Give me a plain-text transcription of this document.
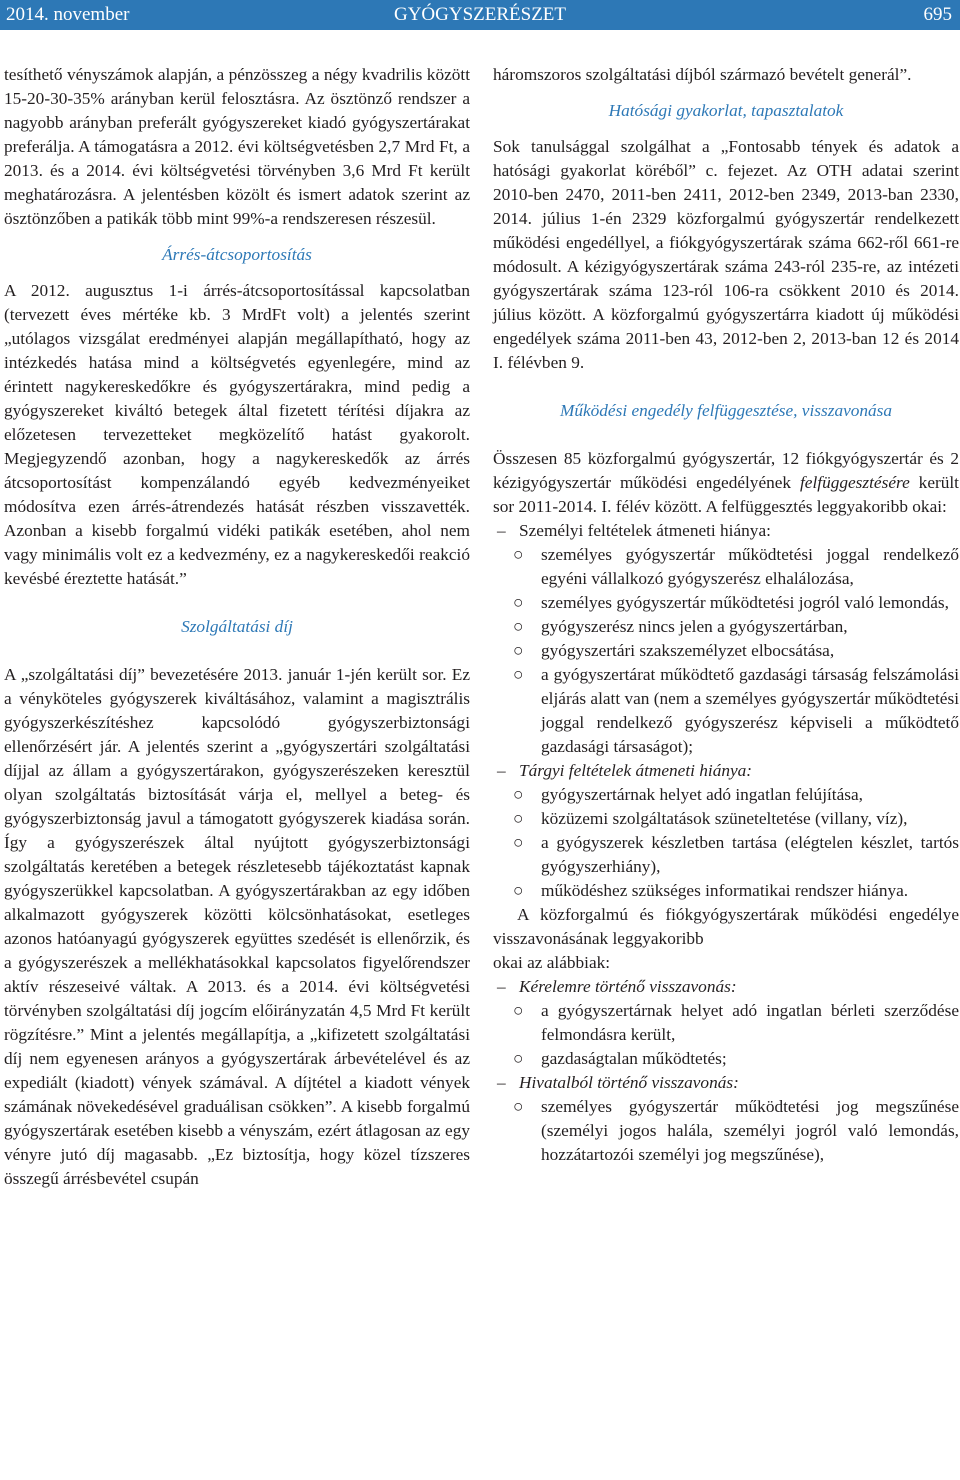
2014. november	GYÓGYSZERÉSZET	695

tesíthető vényszámok alapján, a pénzösszeg a négy kvadrilis között 15-20-30-35% arányban kerül felosztásra. Az ösztönző rendszer a nagyobb arányban preferált gyógyszereket kiadó gyógyszertárakat preferálja. A támogatásra a 2012. évi költségvetésben 2,7 Mrd Ft, a 2013. és a 2014. évi költségvetési törvényben 3,6 Mrd Ft került meghatározásra. A jelentésben közölt és ismert adatok szerint az ösztönzőben a patikák több mint 99%-a rendszeresen részesül.

Árrés-átcsoportosítás

A 2012. augusztus 1-i árrés-átcsoportosítással kapcsolatban (tervezett éves mértéke kb. 3 MrdFt volt) a jelentés szerint „utólagos vizsgálat eredményei alapján megállapítható, hogy az intézkedés hatása mind a költségvetés egyenlegére, mind az érintett nagykereskedőkre és gyógyszertárakra, mind pedig a gyógyszereket kiváltó betegek által fizetett térítési díjakra az előzetesen tervezetteket megközelítő hatást gyakorolt. Megjegyzendő azonban, hogy a nagykereskedők az árrés átcsoportosítást kompenzálandó egyéb kedvezményeiket módosítva ezen árrés-átrendezés hatását részben visszavették. Azonban a kisebb forgalmú vidéki patikák esetében, ahol nem vagy minimális volt ez a kedvezmény, ez a nagykereskedői reakció kevésbé éreztette hatását.”

Szolgáltatási díj

A „szolgáltatási díj” bevezetésére 2013. január 1-jén került sor. Ez a vényköteles gyógyszerek kiváltásához, valamint a magisztrális gyógyszerkészítéshez kapcsolódó gyógyszerbiztonsági ellenőrzésért jár. A jelentés szerint a „gyógyszertári szolgáltatási díjjal az állam a gyógyszertárakon, gyógyszerészeken keresztül olyan szolgáltatás biztosítását várja el, mellyel a beteg- és gyógyszerbiztonság javul a támogatott gyógyszerek kiadása során. Így a gyógyszerészek által nyújtott gyógyszerbiztonsági szolgáltatás keretében a betegek részletesebb tájékoztatást kapnak gyógyszerükkel kapcsolatban. A gyógyszertárakban az egy időben alkalmazott gyógyszerek közötti kölcsönhatásokat, esetleges azonos hatóanyagú gyógyszerek együttes szedését is ellenőrzik, és a gyógyszerészek a mellékhatásokkal kapcsolatos figyelőrendszer aktív részeseivé váltak. A 2013. és a 2014. évi költségvetési törvényben szolgáltatási díj jogcím előirányzatán 4,5 Mrd Ft került rögzítésre.” Mint a jelentés megállapítja, a „kifizetett szolgáltatási díj nem egyenesen arányos a gyógyszertárak árbevételével és az expediált (kiadott) vények számával. A díjtétel a kiadott vények számának növekedésével graduálisan csökken”. A kisebb forgalmú gyógyszertárak esetében kisebb a vényszám, ezért átlagosan az egy vényre jutó díj magasabb. „Ez biztosítja, hogy közel tízszeres összegű árrésbevétel csupán

háromszoros szolgáltatási díjból származó bevételt generál”.

Hatósági gyakorlat, tapasztalatok

Sok tanulsággal szolgálhat a „Fontosabb tények és adatok a hatósági gyakorlat köréből” c. fejezet. Az OTH adatai szerint 2010-ben 2470, 2011-ben 2411, 2012-ben 2349, 2013-ban 2330, 2014. július 1-én 2329 közforgalmú gyógyszertár rendelkezett működési engedéllyel, a fiókgyógyszertárak száma 662-ről 661-re módosult. A kézigyógyszertárak száma 243-ról 235-re, az intézeti gyógyszertárak száma 123-ról 106-ra csökkent 2010 és 2014. július között. A közforgalmú gyógyszertárra kiadott új működési engedélyek száma 2011-ben 43, 2012-ben 2, 2013-ban 12 és 2014 I. félévben 9.

Működési engedély felfüggesztése, visszavonása

Összesen 85 közforgalmú gyógyszertár, 12 fiókgyógyszertár és 2 kézigyógyszertár működési engedélyének felfüggesztésére került sor 2011-2014. I. félév között. A felfüggesztés leggyakoribb okai:

– Személyi feltételek átmeneti hiánya:
○ személyes gyógyszertár működtetési joggal rendelkező egyéni vállalkozó gyógyszerész elhalálozása,
○ személyes gyógyszertár működtetési jogról való lemondás,
○ gyógyszerész nincs jelen a gyógyszertárban,
○ gyógyszertári szakszemélyzet elbocsátása,
○ a gyógyszertárat működtető gazdasági társaság felszámolási eljárás alatt van (nem a személyes gyógyszertár működtetési joggal rendelkező gyógyszerész képviseli a működtető gazdasági társaságot);
– Tárgyi feltételek átmeneti hiánya:
○ gyógyszertárnak helyet adó ingatlan felújítása,
○ közüzemi szolgáltatások szüneteltetése (villany, víz),
○ a gyógyszerek készletben tartása (elégtelen készlet, tartós gyógyszerhiány),
○ működéshez szükséges informatikai rendszer hiánya.

A közforgalmú és fiókgyógyszertárak működési engedélye visszavonásának leggyakoribb

okai az alábbiak:

– Kérelemre történő visszavonás:
○ a gyógyszertárnak helyet adó ingatlan bérleti szerződése felmondásra került,
○ gazdaságtalan működtetés;
– Hivatalból történő visszavonás:
○ személyes gyógyszertár működtetési jog megszűnése (személyi jogos halála, személyi jogról való lemondás, hozzátartozói személyi jog megszűnése),
